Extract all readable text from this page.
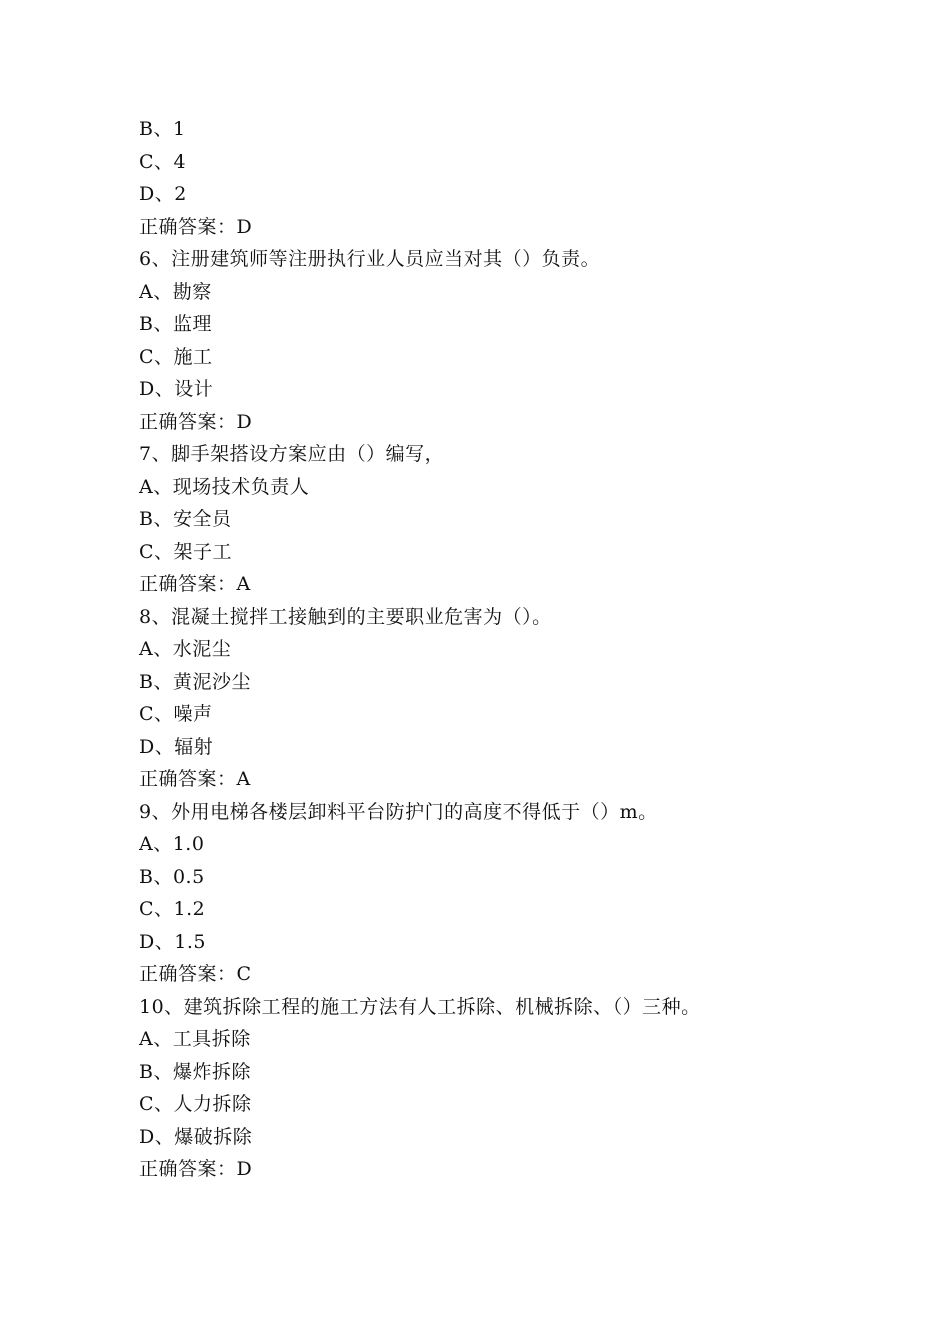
B、1
C、4
D、2
正确答案：D
6、注册建筑师等注册执行业人员应当对其（）负责。
A、勘察
B、监理
C、施工
D、设计
正确答案：D
7、脚手架搭设方案应由（）编写，
A、现场技术负责人
B、安全员
C、架子工
正确答案：A
8、混凝土搅拌工接触到的主要职业危害为（）。
A、水泥尘
B、黄泥沙尘
C、噪声
D、辐射
正确答案：A
9、外用电梯各楼层卸料平台防护门的高度不得低于（）m。
A、1.0
B、0.5
C、1.2
D、1.5
正确答案：C
10、建筑拆除工程的施工方法有人工拆除、机械拆除、（）三种。
A、工具拆除
B、爆炸拆除
C、人力拆除
D、爆破拆除
正确答案：D
